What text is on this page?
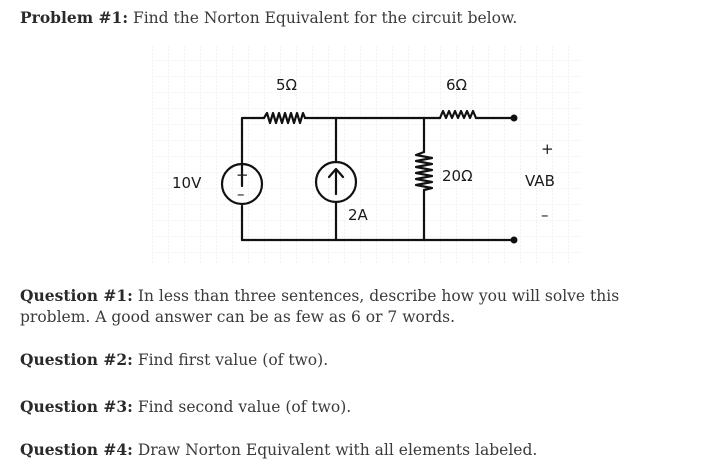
Problem #1: Find the Norton Equivalent for the circuit below.
5Ω	6Ω
20Ω
10V
2A
+
–
+
VAB
–
Question #1: In less than three sentences, describe how you will solve this problem. A good answer can be as few as 6 or 7 words.
Question #2: Find first value (of two).
Question #3: Find second value (of two).
Question #4: Draw Norton Equivalent with all elements labeled.
